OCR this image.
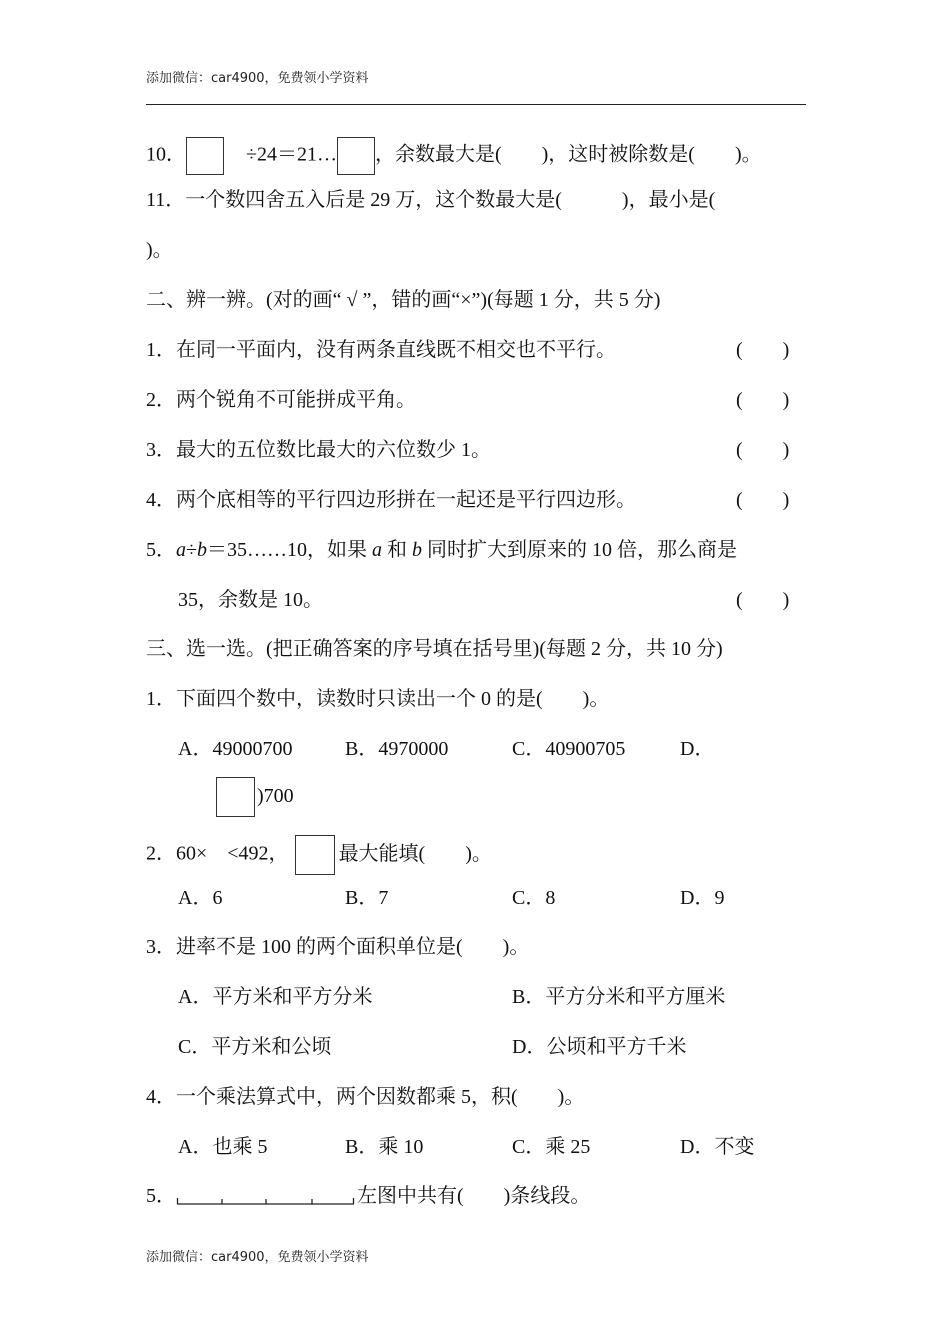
添加微信：car4900，免费领小学资料
10．	÷24＝21… ，余数最大是(　　)，这时被除数是(　　)。
11．一个数四舍五入后是 29 万，这个数最大是(　　　)，最小是(
)。
二、辨一辨。(对的画“ √ ”，错的画“×”)(每题 1 分，共 5 分)
1．在同一平面内，没有两条直线既不相交也不平行。	(　　)
2．两个锐角不可能拼成平角。	(　　)
3．最大的五位数比最大的六位数少 1。	(　　)
4．两个底相等的平行四边形拼在一起还是平行四边形。	(　　)
5．a÷b＝35……10，如果 a 和 b 同时扩大到原来的 10 倍，那么商是
35，余数是 10。	(　　)
三、选一选。(把正确答案的序号填在括号里)(每题 2 分，共 10 分)
1．下面四个数中，读数时只读出一个 0 的是(　　)。
A．49000700	B．4970000	C．40900705	D．
)700
2．60×　<492，	最大能填(　　)。
A．6	B．7	C．8	D．9
3．进率不是 100 的两个面积单位是(　　)。
A．平方米和平方分米	B．平方分米和平方厘米
C．平方米和公顷	D．公顷和平方千米
4．一个乘法算式中，两个因数都乘 5，积(　　)。
A．也乘 5	B．乘 10	C．乘 25	D．不变
5．	左图中共有(　　)条线段。
添加微信：car4900，免费领小学资料
